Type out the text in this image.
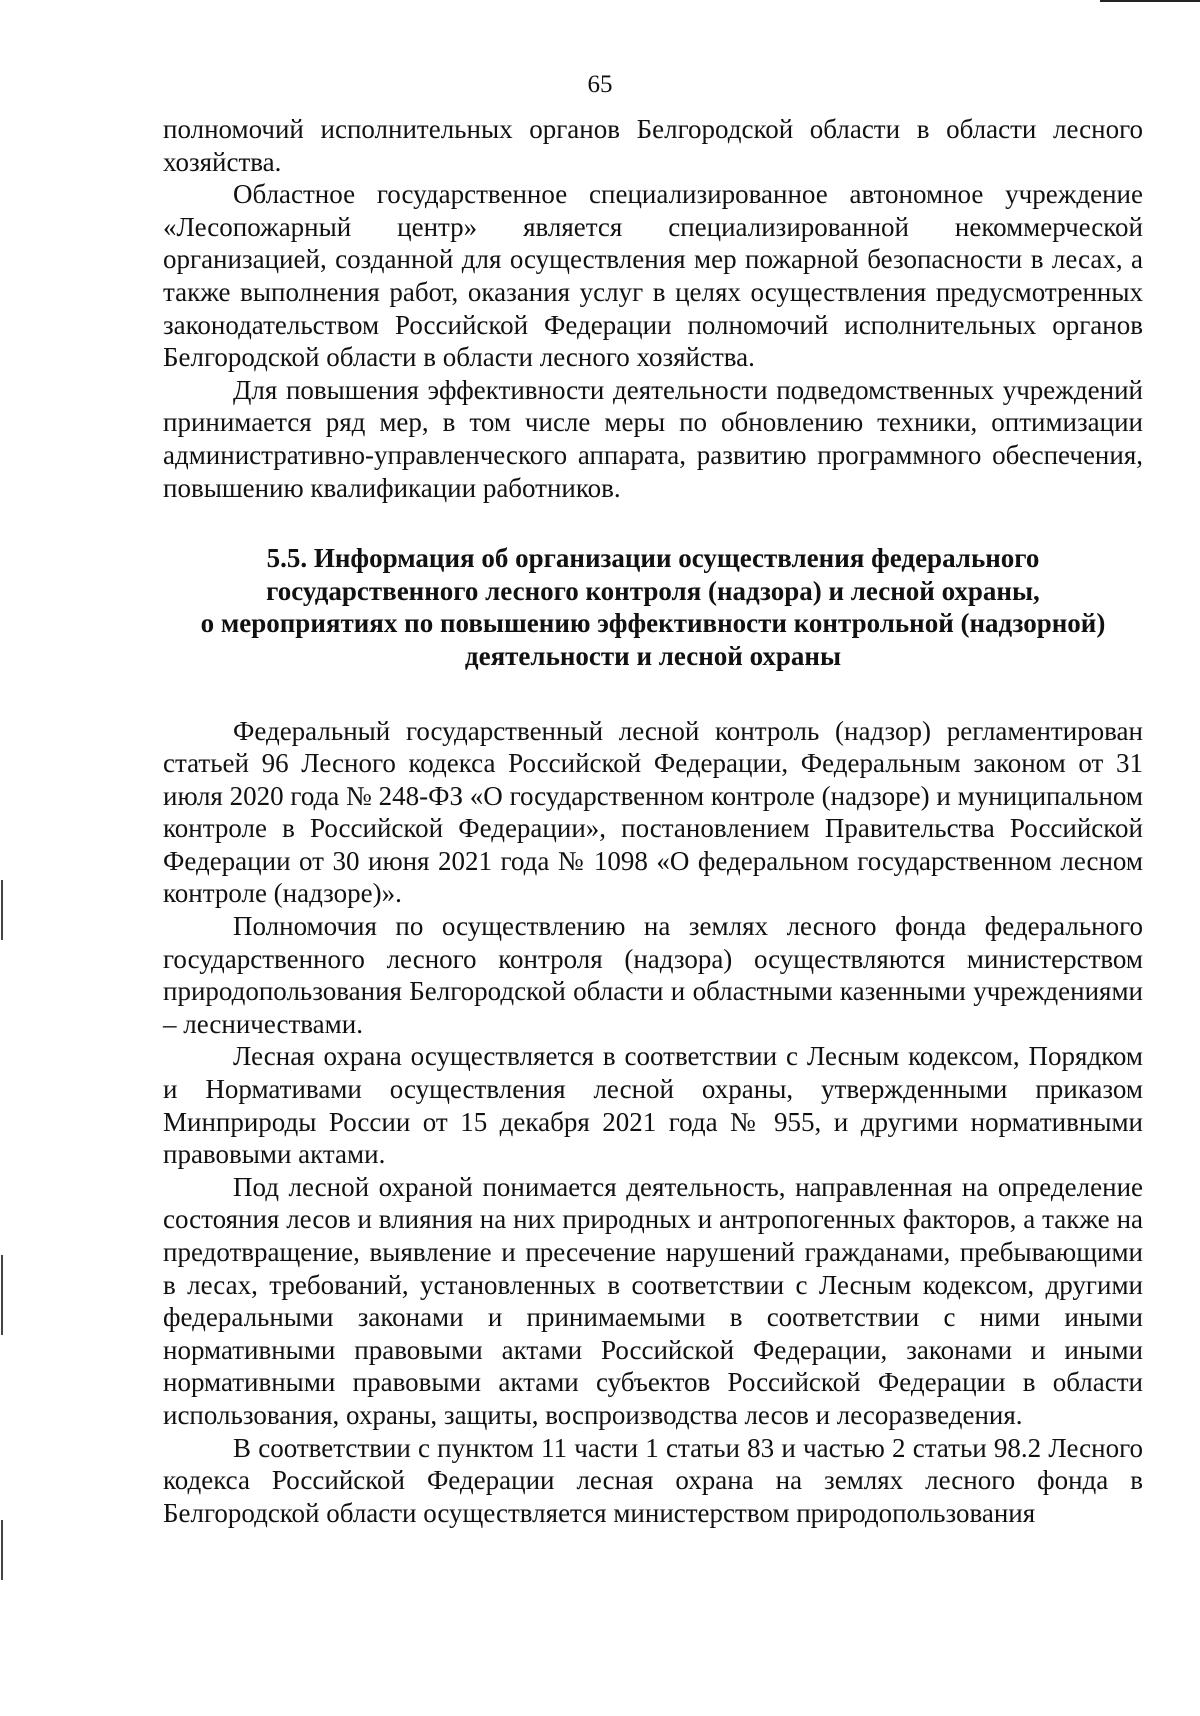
65

полномочий исполнительных органов Белгородской области в области лесного хозяйства.

Областное государственное специализированное автономное учреждение «Лесопожарный центр» является специализированной некоммерческой организацией, созданной для осуществления мер пожарной безопасности в лесах, а также выполнения работ, оказания услуг в целях осуществления предусмотренных законодательством Российской Федерации полномочий исполнительных органов Белгородской области в области лесного хозяйства.

Для повышения эффективности деятельности подведомственных учреждений принимается ряд мер, в том числе меры по обновлению техники, оптимизации административно-управленческого аппарата, развитию программного обеспечения, повышению квалификации работников.

5.5. Информация об организации осуществления федерального
государственного лесного контроля (надзора) и лесной охраны,
о мероприятиях по повышению эффективности контрольной (надзорной)
деятельности и лесной охраны

Федеральный государственный лесной контроль (надзор) регламентирован статьей 96 Лесного кодекса Российской Федерации, Федеральным законом от 31 июля 2020 года № 248-ФЗ «О государственном контроле (надзоре) и муниципальном контроле в Российской Федерации», постановлением Правительства Российской Федерации от 30 июня 2021 года № 1098 «О федеральном государственном лесном контроле (надзоре)».

Полномочия по осуществлению на землях лесного фонда федерального государственного лесного контроля (надзора) осуществляются министерством природопользования Белгородской области и областными казенными учреждениями – лесничествами.

Лесная охрана осуществляется в соответствии с Лесным кодексом, Порядком и Нормативами осуществления лесной охраны, утвержденными приказом Минприроды России от 15 декабря 2021 года № 955, и другими нормативными правовыми актами.

Под лесной охраной понимается деятельность, направленная на определение состояния лесов и влияния на них природных и антропогенных факторов, а также на предотвращение, выявление и пресечение нарушений гражданами, пребывающими в лесах, требований, установленных в соответствии с Лесным кодексом, другими федеральными законами и принимаемыми в соответствии с ними иными нормативными правовыми актами Российской Федерации, законами и иными нормативными правовыми актами субъектов Российской Федерации в области использования, охраны, защиты, воспроизводства лесов и лесоразведения.

В соответствии с пунктом 11 части 1 статьи 83 и частью 2 статьи 98.2 Лесного кодекса Российской Федерации лесная охрана на землях лесного фонда в Белгородской области осуществляется министерством природопользования
